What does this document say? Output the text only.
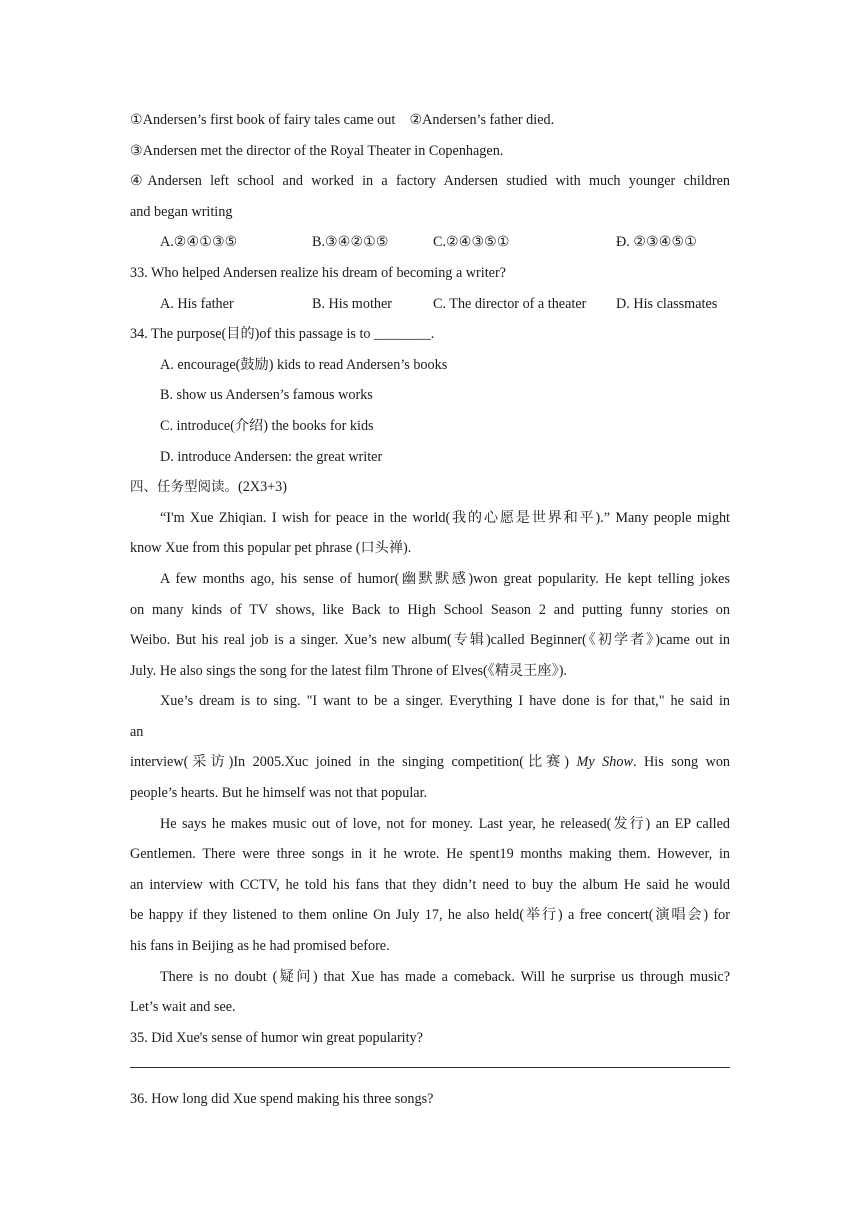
①Andersen’s first book of fairy tales came out ②Andersen’s father died.
③Andersen met the director of the Royal Theater in Copenhagen.
④Andersen left school and worked in a factory Andersen studied with much younger children
and began writing
A.②④①③⑤	B.③④②①⑤	C.②④③⑤①	Ð. ②③④⑤①
33. Who helped Andersen realize his dream of becoming a writer?
A. His father	B. His mother	C. The director of a theater D. His classmates
34. The purpose(目的)of this passage is to ________.
A. encourage(鼓励) kids to read Andersen’s books
B. show us Andersen’s famous works
C. introduce(介绍) the books for kids
D. introduce Andersen: the great writer
四、任务型阅读。(2X3+3)
“I'm Xue Zhiqian. I wish for peace in the world(我的心愿是世界和平).” Many people might
know Xue from this popular pet phrase (口头禅).
A few months ago, his sense of humor(幽默默感)won great popularity. He kept telling jokes
on many kinds of TV shows, like Back to High School Season 2 and putting funny stories on
Weibo. But his real job is a singer. Xue’s new album(专辑)called Beginner(《初学者》)came out in
July. He also sings the song for the latest film Throne of Elves(《精灵王座》).
Xue’s dream is to sing. "I want to be a singer. Everything I have done is for that," he said in
an
interview(采访)In 2005.Xuc joined in the singing competition(比赛) My Show. His song won
people’s hearts. But he himself was not that popular.
He says he makes music out of love, not for money. Last year, he released(发行) an EP called
Gentlemen. There were three songs in it he wrote. He spent19 months making them. However, in
an interview with CCTV, he told his fans that they didn’t need to buy the album He said he would
be happy if they listened to them online On July 17, he also held(举行) a free concert(演唱会) for
his fans in Beijing as he had promised before.
There is no doubt (疑问) that Xue has made a comeback. Will he surprise us through music?
Let’s wait and see.
35. Did Xue's sense of humor win great popularity?
36. How long did Xue spend making his three songs?
